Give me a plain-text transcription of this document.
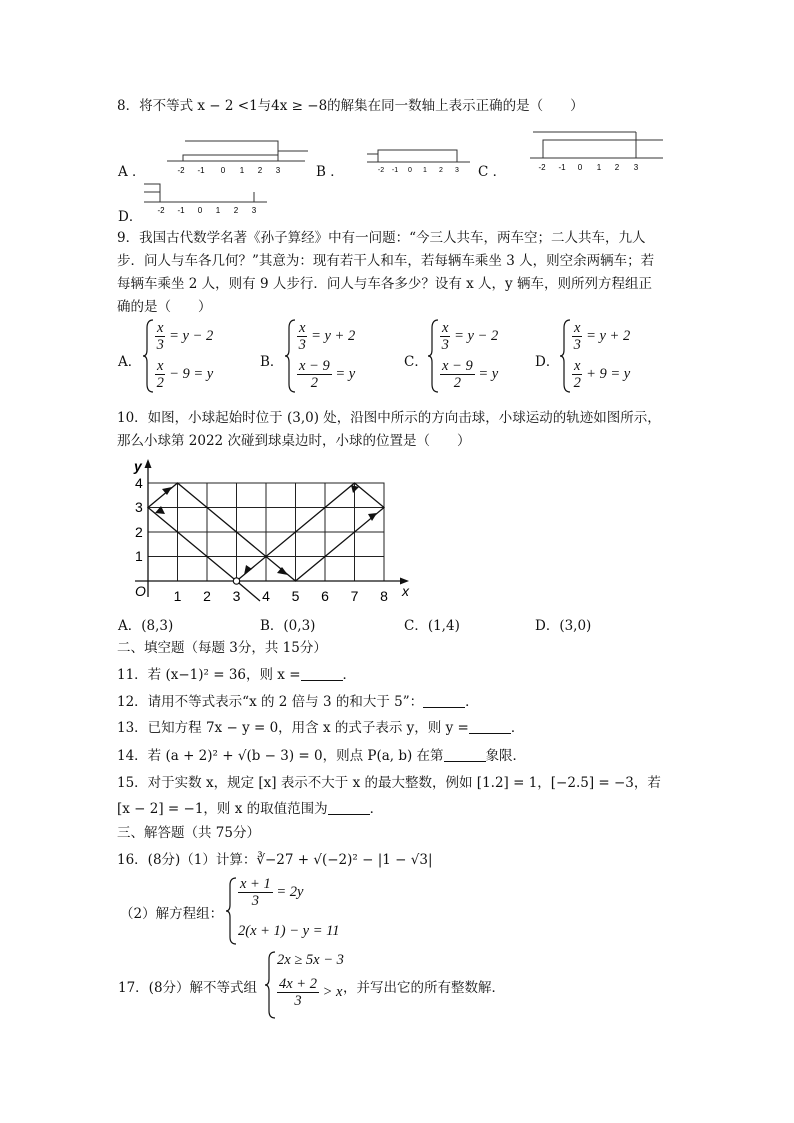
8．将不等式 x − 2 <1与4x ≥ −8的解集在同一数轴上表示正确的是（　　）
A ．	-2 -1 0 1 2 3	B ．	-2 -1 0 1 2 3 C ．	-2 -1 0 1 2 3
D． -2 -1 0 1 2 3
9．我国古代数学名著《孙子算经》中有一问题：“今三人共车，两车空；二人共车，九人
步．问人与车各几何？”其意为：现有若干人和车，若每辆车乘坐 3 人，则空余两辆车；若
每辆车乘坐 2 人，则有 9 人步行．问人与车各多少？设有 x 人，y 辆车，则所列方程组正
确的是（　　）
A．	B．	C．	D．
$\frac{x}{3} = y - 2$
$\frac{x}{2} - 9 = y$
$\frac{x}{3} = y + 2$
$\frac{x - 9}{2} = y$
$\frac{x}{3} = y - 2$
$\frac{x - 9}{2} = y$
$\frac{x}{3} = y + 2$
$\frac{x}{2} + 9 = y$
10．如图，小球起始时位于 (3,0) 处，沿图中所示的方向击球，小球运动的轨迹如图所示，
那么小球第 2022 次碰到球桌边时，小球的位置是（　　）
y
x
O 1 2 3 4 5 6 7 8
1
2
3
4
A．(8,3)	B．(0,3)	C．(1,4)	D．(3,0)
二、填空题（每题 3分，共 15分）
11．若 (x−1)² = 36，则 x =	．
12．请用不等式表示“x 的 2 倍与 3 的和大于 5”：	．
13．已知方程 7x − y = 0，用含 x 的式子表示 y，则 y =	．
14．若 (a + 2)² + √(b − 3) = 0，则点 P(a, b) 在第	象限．
15．对于实数 x，规定 [x] 表示不大于 x 的最大整数，例如 [1.2] = 1，[−2.5] = −3，若
[x − 2] = −1，则 x 的取值范围为	．
三、解答题（共 75分）
16．(8分)（1）计算：∛−27 + √(−2)² − |1 − √3|
（2）解方程组：
$\frac{x + 1}{3} = 2y$
2(x + 1) − y = 11
17．(8分）解不等式组
2x ≥ 5x − 3
$\frac{4x + 2}{3} > x$ ，并写出它的所有整数解．
